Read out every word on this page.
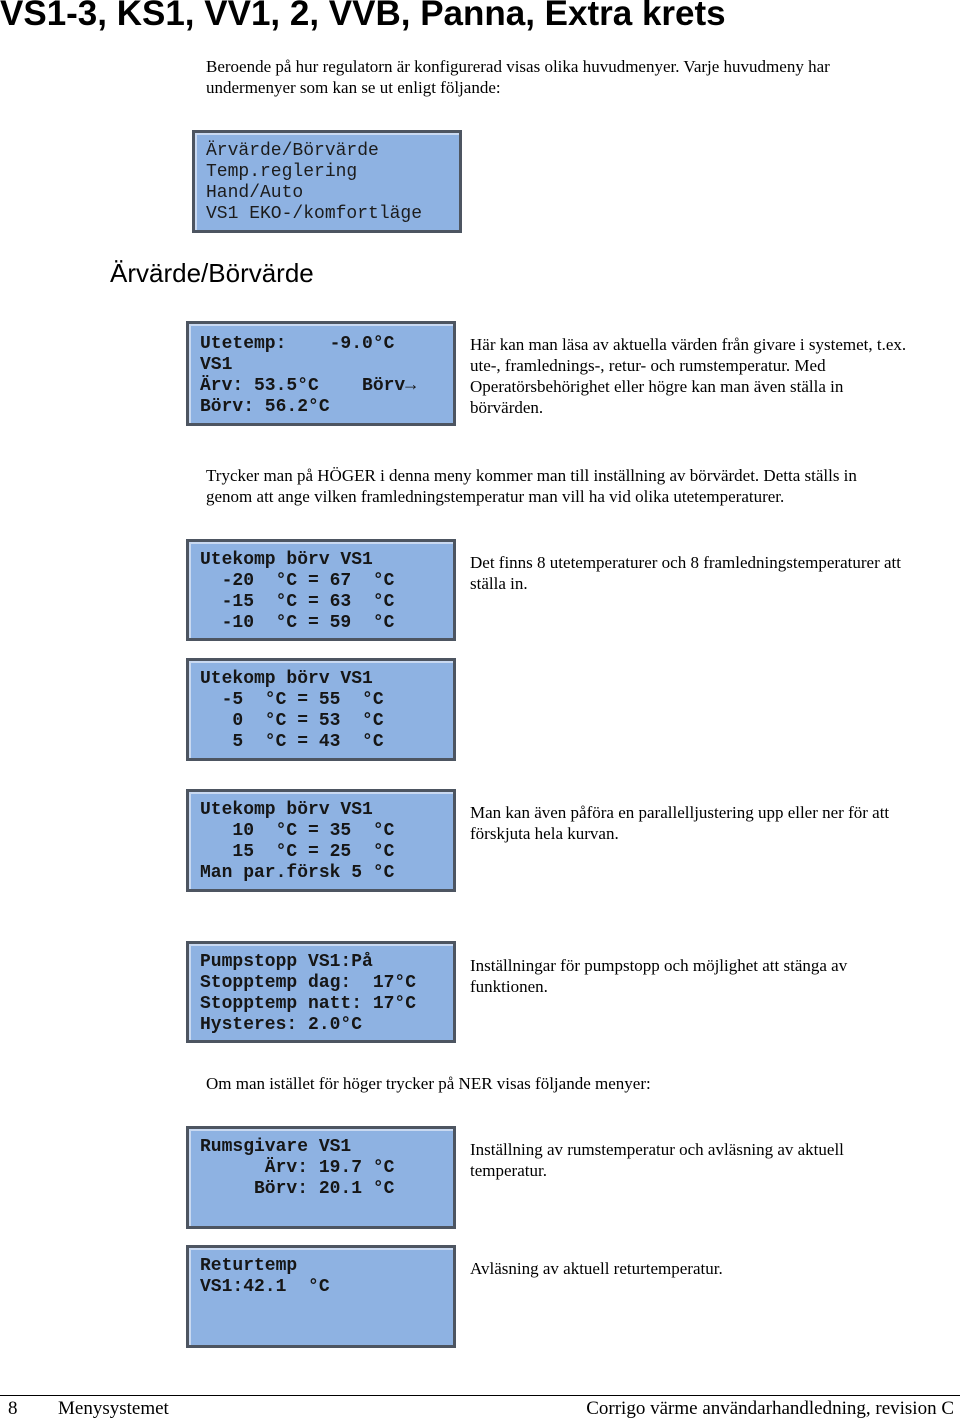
VS1-3, KS1, VV1, 2, VVB, Panna, Extra krets
Beroende på hur regulatorn är konfigurerad visas olika huvudmenyer. Varje huvudmeny har
undermenyer som kan se ut enligt följande:
Ärvärde/Börvärde
Temp.reglering
Hand/Auto
VS1 EKO-/komfortläge
Ärvärde/Börvärde
Utetemp:    -9.0°C
VS1
Ärv: 53.5°C    Börv→
Börv: 56.2°C
Här kan man läsa av aktuella värden från givare i systemet, t.ex.
ute-, framlednings-, retur- och rumstemperatur. Med
Operatörsbehörighet eller högre kan man även ställa in
börvärden.
Trycker man på HÖGER i denna meny kommer man till inställning av börvärdet. Detta ställs in
genom att ange vilken framledningstemperatur man vill ha vid olika utetemperaturer.
Utekomp börv VS1
-20  °C = 67  °C
-15  °C = 63  °C
-10  °C = 59  °C
Det finns 8 utetemperaturer och 8 framledningstemperaturer att
ställa in.
Utekomp börv VS1
-5  °C = 55  °C
0  °C = 53  °C
5  °C = 43  °C
Utekomp börv VS1
10  °C = 35  °C
15  °C = 25  °C
Man par.försk 5 °C
Man kan även påföra en parallelljustering upp eller ner för att
förskjuta hela kurvan.
Pumpstopp VS1:På
Stopptemp dag:  17°C
Stopptemp natt: 17°C
Hysteres: 2.0°C
Inställningar för pumpstopp och möjlighet att stänga av
funktionen.
Om man istället för höger trycker på NER visas följande menyer:
Rumsgivare VS1
Ärv: 19.7 °C
Börv: 20.1 °C
Inställning av rumstemperatur och avläsning av aktuell
temperatur.
Returtemp
VS1:42.1  °C
Avläsning av aktuell returtemperatur.
8 Menysystemet	Corrigo värme användarhandledning, revision C
